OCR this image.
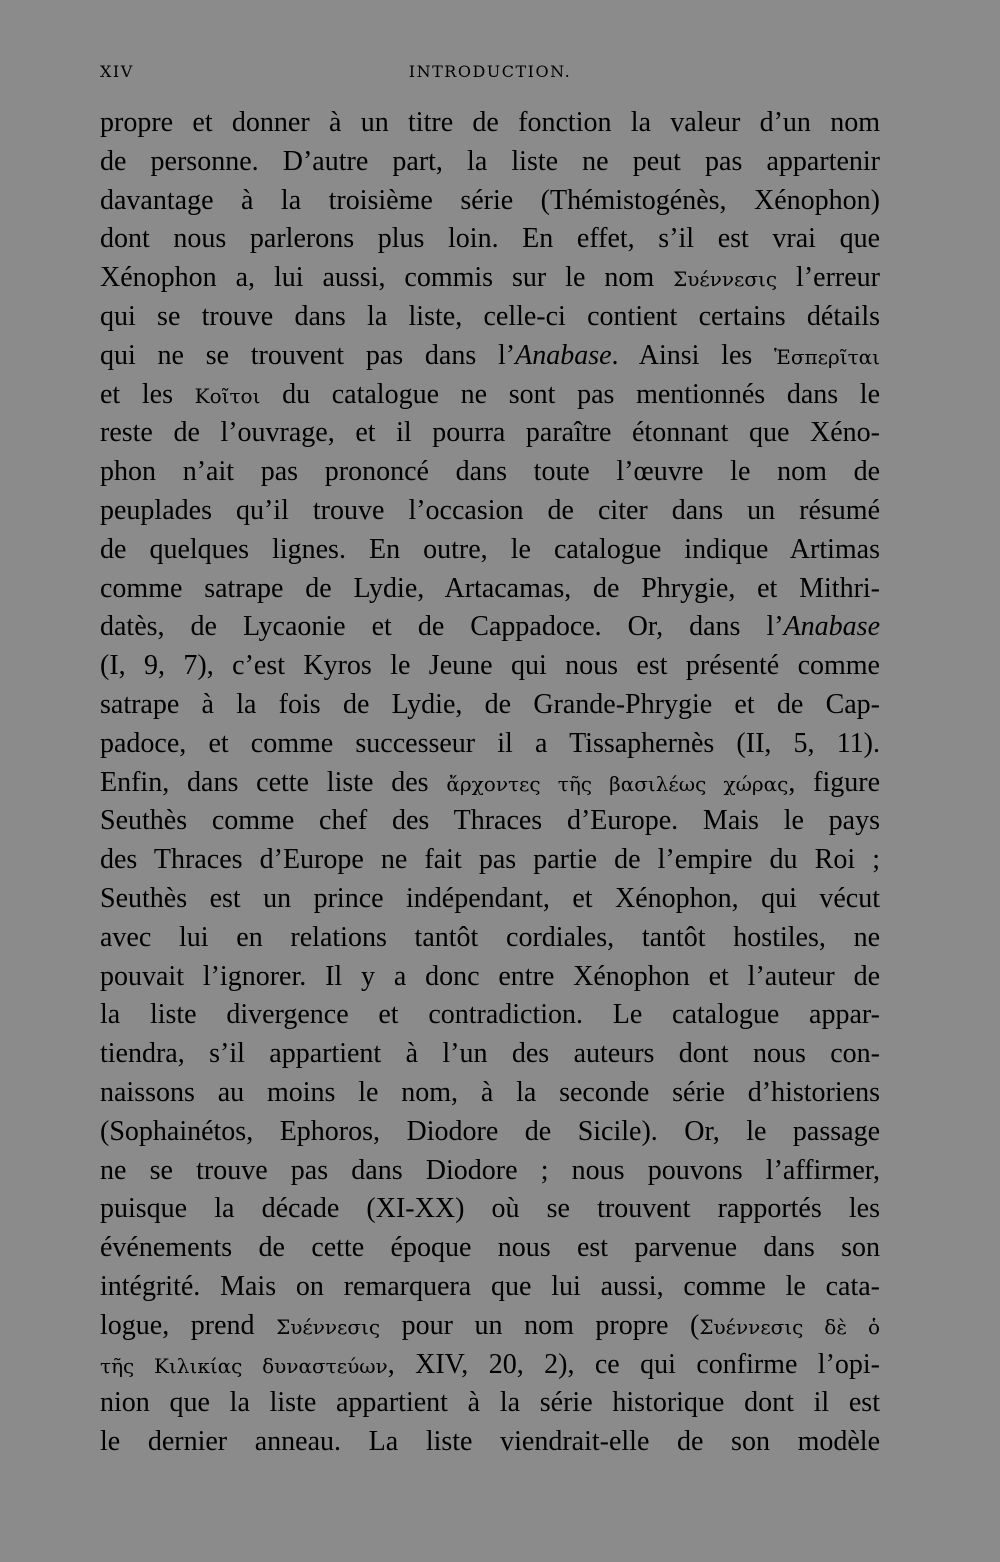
XIV	INTRODUCTION.
propre et donner à un titre de fonction la valeur d’un nom
de personne. D’autre part, la liste ne peut pas appartenir
davantage à la troisième série (Thémistogénès, Xénophon)
dont nous parlerons plus loin. En effet, s’il est vrai que
Xénophon a, lui aussi, commis sur le nom Συέννεσις l’erreur
qui se trouve dans la liste, celle-ci contient certains détails
qui ne se trouvent pas dans l’Anabase. Ainsi les Ἑσπερῖται
et les Κοῖτοι du catalogue ne sont pas mentionnés dans le
reste de l’ouvrage, et il pourra paraître étonnant que Xéno-
phon n’ait pas prononcé dans toute l’œuvre le nom de
peuplades qu’il trouve l’occasion de citer dans un résumé
de quelques lignes. En outre, le catalogue indique Artimas
comme satrape de Lydie, Artacamas, de Phrygie, et Mithri-
datès, de Lycaonie et de Cappadoce. Or, dans l’Anabase
(I, 9, 7), c’est Kyros le Jeune qui nous est présenté comme
satrape à la fois de Lydie, de Grande-Phrygie et de Cap-
padoce, et comme successeur il a Tissaphernès (II, 5, 11).
Enfin, dans cette liste des ἄρχοντες τῆς βασιλέως χώρας, figure
Seuthès comme chef des Thraces d’Europe. Mais le pays
des Thraces d’Europe ne fait pas partie de l’empire du Roi ;
Seuthès est un prince indépendant, et Xénophon, qui vécut
avec lui en relations tantôt cordiales, tantôt hostiles, ne
pouvait l’ignorer. Il y a donc entre Xénophon et l’auteur de
la liste divergence et contradiction. Le catalogue appar-
tiendra, s’il appartient à l’un des auteurs dont nous con-
naissons au moins le nom, à la seconde série d’historiens
(Sophainétos, Ephoros, Diodore de Sicile). Or, le passage
ne se trouve pas dans Diodore ; nous pouvons l’affirmer,
puisque la décade (XI-XX) où se trouvent rapportés les
événements de cette époque nous est parvenue dans son
intégrité. Mais on remarquera que lui aussi, comme le cata-
logue, prend Συέννεσις pour un nom propre (Συέννεσις δὲ ὁ
τῆς Κιλικίας δυναστεύων, XIV, 20, 2), ce qui confirme l’opi-
nion que la liste appartient à la série historique dont il est
le dernier anneau. La liste viendrait-elle de son modèle
